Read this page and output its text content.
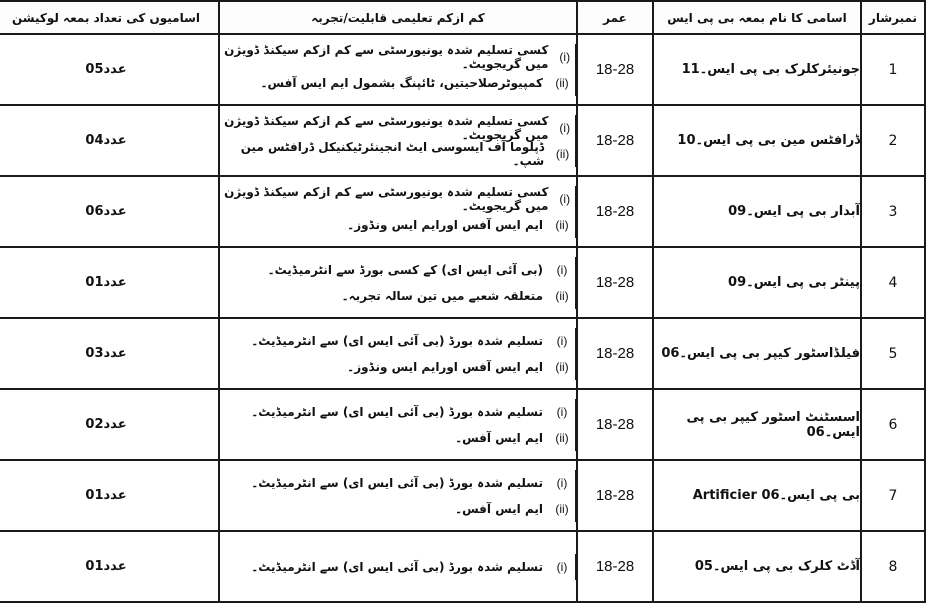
اسامیوں کی تعداد بمعہ لوکیشن	کم ازکم تعلیمی قابلیت/تجربہ	عمر	اسامی کا نام بمعہ بی پی ایس	نمبرشار
05عدد	(i)
کسی تسلیم شدہ یونیورسٹی سے کم ازکم سیکنڈ ڈویژن میں گریجویٹ۔
(ii)
کمپیوٹرصلاحیتیں، ٹائپنگ بشمول ایم ایس آفس۔	18-28	جونیئرکلرک بی پی ایس۔11	1
04عدد	(i)
کسی تسلیم شدہ یونیورسٹی سے کم ازکم سیکنڈ ڈویژن میں گریجویٹ۔
(ii)
ڈپلوما آف ایسوسی ایٹ انجینئرٹیکنیکل ڈرافٹس مین شپ۔	18-28	ڈرافٹس مین بی پی ایس۔10	2
06عدد	(i)
کسی تسلیم شدہ یونیورسٹی سے کم ازکم سیکنڈ ڈویژن میں گریجویٹ۔
(ii)
ایم ایس آفس اورایم ایس ونڈوز۔	18-28	آبدار بی پی ایس۔09	3
01عدد	(i)
(بی آئی ایس ای) کے کسی بورڈ سے انٹرمیڈیٹ۔
(ii)
متعلقہ شعبے میں تین سالہ تجربہ۔	18-28	پینٹر بی پی ایس۔09	4
03عدد	(i)
تسلیم شدہ بورڈ (بی آئی ایس ای) سے انٹرمیڈیٹ۔
(ii)
ایم ایس آفس اورایم ایس ونڈوز۔	18-28	فیلڈاسٹور کیپر بی پی ایس۔06	5
02عدد	(i)
تسلیم شدہ بورڈ (بی آئی ایس ای) سے انٹرمیڈیٹ۔
(ii)
ایم ایس آفس۔	18-28	اسسٹنٹ اسٹور کیپر بی پی ایس۔06	6
01عدد	(i)
تسلیم شدہ بورڈ (بی آئی ایس ای) سے انٹرمیڈیٹ۔
(ii)
ایم ایس آفس۔	18-28	Artificier بی پی ایس۔06	7
01عدد	(i)
تسلیم شدہ بورڈ (بی آئی ایس ای) سے انٹرمیڈیٹ۔	18-28	آڈٹ کلرک بی پی ایس۔05	8
